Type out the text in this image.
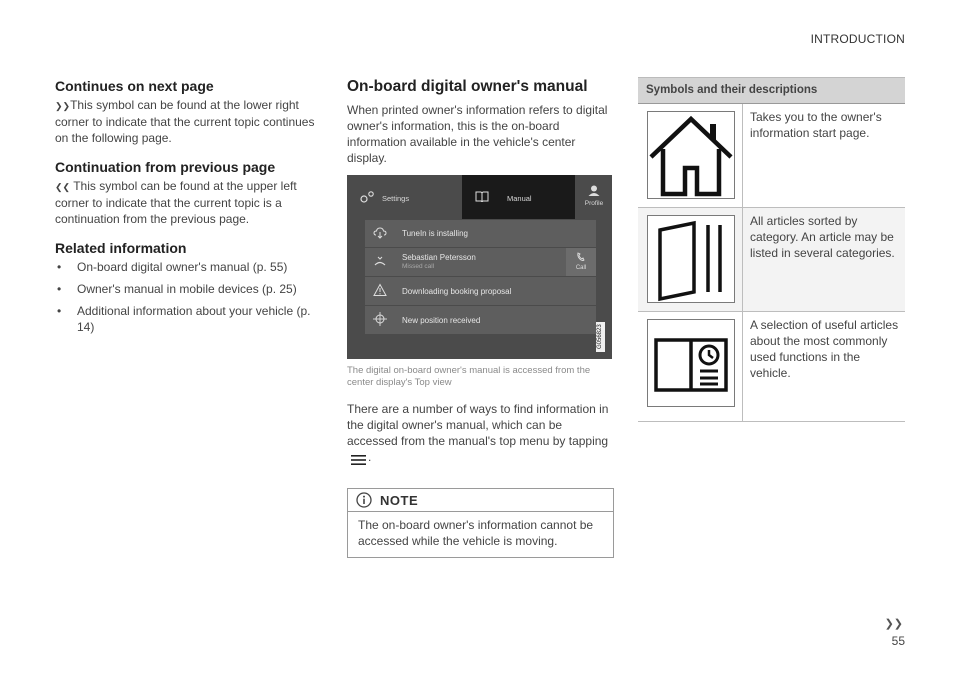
INTRODUCTION
Continues on next page
❯❯This symbol can be found at the lower right corner to indicate that the current topic continues on the following page.
Continuation from previous page
❮❮ This symbol can be found at the upper left corner to indicate that the current topic is a continuation from the previous page.
Related information
• On-board digital owner's manual (p. 55)
• Owner's manual in mobile devices (p. 25)
• Additional information about your vehicle (p. 14)
On-board digital owner's manual
When printed owner's information refers to digital owner's information, this is the on-board information available in the vehicle's center display.
Settings	Manual
Profile
TuneIn is installing
Sebastian Petersson
Missed call	Call
Downloading booking proposal
New position received
G056823
The digital on-board owner's manual is accessed from the center display's Top view
There are a number of ways to find information in the digital owner's manual, which can be accessed from the manual's top menu by tapping
.
NOTE
The on-board owner's information cannot be accessed while the vehicle is moving.
Symbols and their descriptions
Takes you to the owner's information start page.
All articles sorted by category. An article may be listed in several categories.
A selection of useful articles about the most commonly used functions in the vehicle.
❯❯
55
